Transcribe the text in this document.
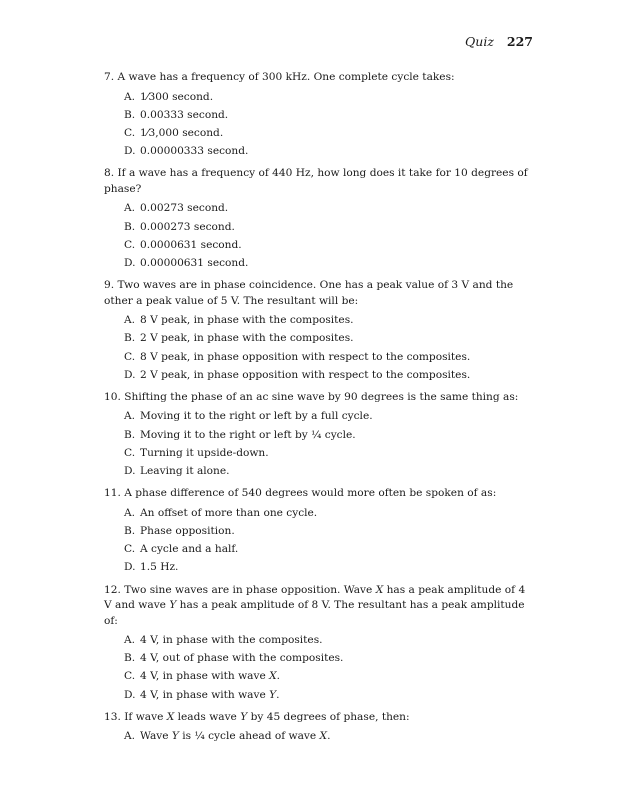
Quiz 227
7. A wave has a frequency of 300 kHz. One complete cycle takes:
A. 1⁄300 second.
B. 0.00333 second.
C. 1⁄3,000 second.
D. 0.00000333 second.
8. If a wave has a frequency of 440 Hz, how long does it take for 10 degrees of phase?
A. 0.00273 second.
B. 0.000273 second.
C. 0.0000631 second.
D. 0.00000631 second.
9. Two waves are in phase coincidence. One has a peak value of 3 V and the other a peak value of 5 V. The resultant will be:
A. 8 V peak, in phase with the composites.
B. 2 V peak, in phase with the composites.
C. 8 V peak, in phase opposition with respect to the composites.
D. 2 V peak, in phase opposition with respect to the composites.
10. Shifting the phase of an ac sine wave by 90 degrees is the same thing as:
A. Moving it to the right or left by a full cycle.
B. Moving it to the right or left by ¼ cycle.
C. Turning it upside-down.
D. Leaving it alone.
11. A phase difference of 540 degrees would more often be spoken of as:
A. An offset of more than one cycle.
B. Phase opposition.
C. A cycle and a half.
D. 1.5 Hz.
12. Two sine waves are in phase opposition. Wave X has a peak amplitude of 4 V and wave Y has a peak amplitude of 8 V. The resultant has a peak amplitude of:
A. 4 V, in phase with the composites.
B. 4 V, out of phase with the composites.
C. 4 V, in phase with wave X.
D. 4 V, in phase with wave Y.
13. If wave X leads wave Y by 45 degrees of phase, then:
A. Wave Y is ¼ cycle ahead of wave X.
